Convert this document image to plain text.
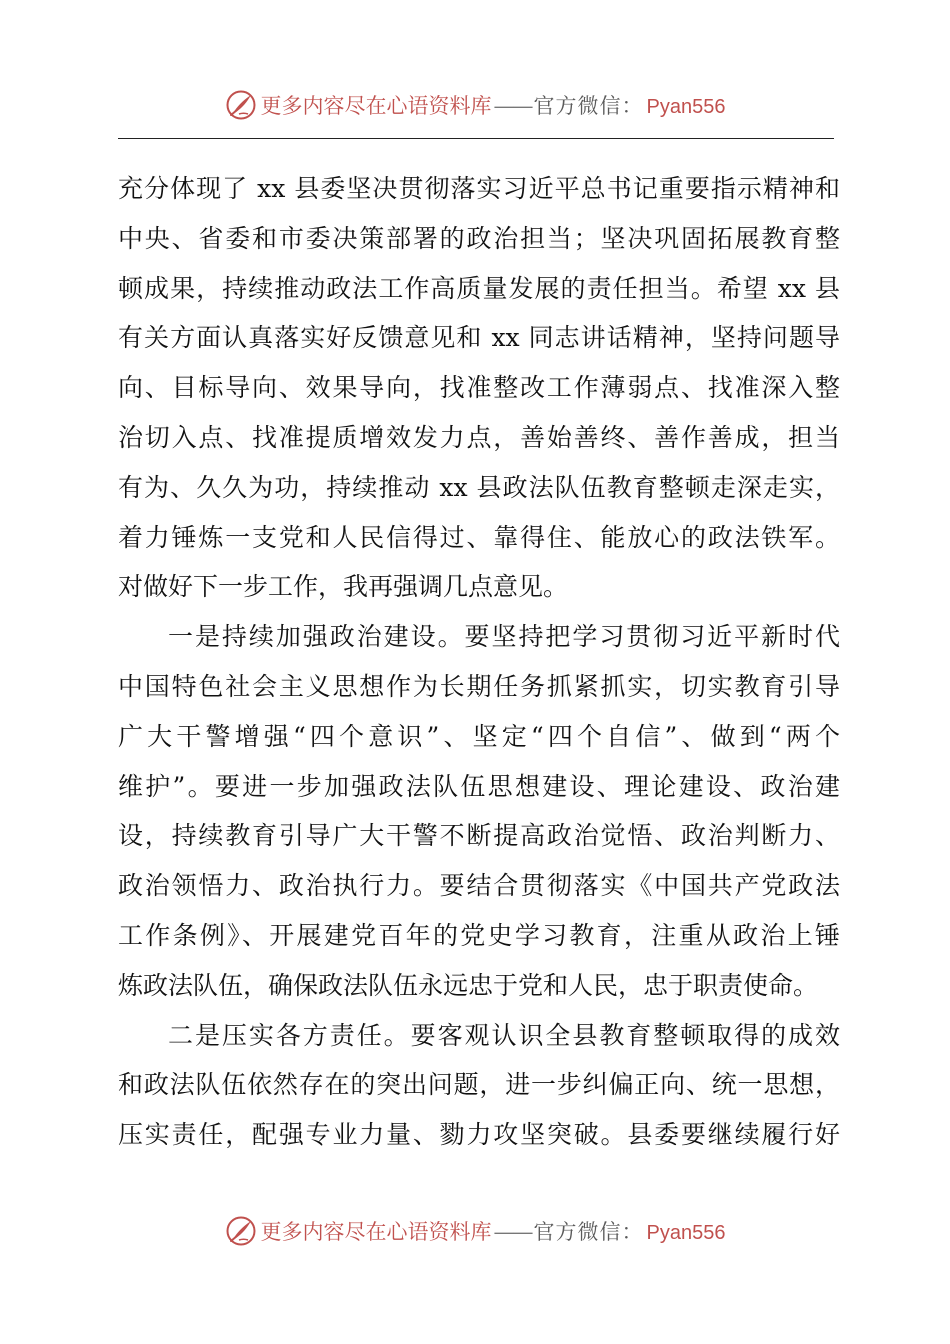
更多内容尽在心语资料库 —— 官方微信 ： Pyan556
充分体现了 xx 县委坚决贯彻落实习近平总书记重要指示精神和
中央、省委和市委决策部署的政治担当；坚决巩固拓展教育整
顿成果，持续推动政法工作高质量发展的责任担当。希望 xx 县
有关方面认真落实好反馈意见和 xx 同志讲话精神，坚持问题导
向、目标导向、效果导向，找准整改工作薄弱点、找准深入整
治切入点、找准提质增效发力点，善始善终、善作善成，担当
有为、久久为功，持续推动 xx 县政法队伍教育整顿走深走实，
着力锤炼一支党和人民信得过、靠得住、能放心的政法铁军。
对做好下一步工作，我再强调几点意见。
一是持续加强政治建设。要坚持把学习贯彻习近平新时代
中国特色社会主义思想作为长期任务抓紧抓实，切实教育引导
广大干警增强“四个意识”、坚定“四个自信”、做到“两个
维护”。要进一步加强政法队伍思想建设、理论建设、政治建
设，持续教育引导广大干警不断提高政治觉悟、政治判断力、
政治领悟力、政治执行力。要结合贯彻落实《中国共产党政法
工作条例》、开展建党百年的党史学习教育，注重从政治上锤
炼政法队伍，确保政法队伍永远忠于党和人民，忠于职责使命。
二是压实各方责任。要客观认识全县教育整顿取得的成效
和政法队伍依然存在的突出问题，进一步纠偏正向、统一思想，
压实责任，配强专业力量、勠力攻坚突破。县委要继续履行好
更多内容尽在心语资料库 —— 官方微信 ： Pyan556
